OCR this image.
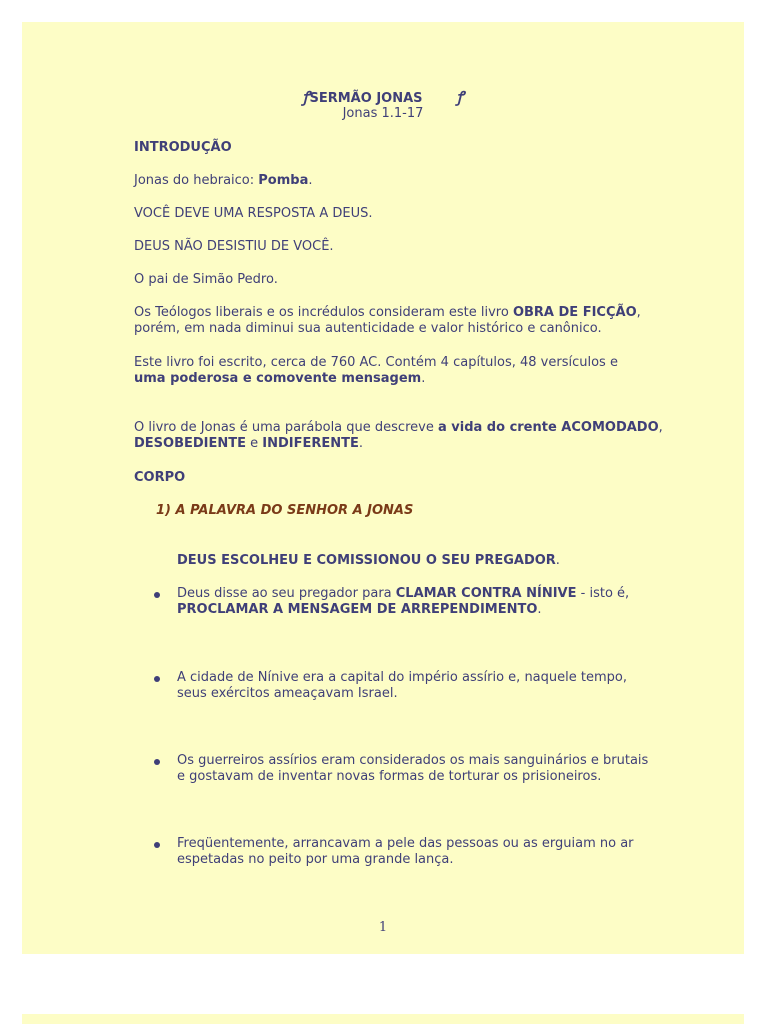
ꝭSERMÃO JONAS ꝭ
Jonas 1.1-17
INTRODUÇÃO
Jonas do hebraico: Pomba.
VOCÊ DEVE UMA RESPOSTA A DEUS.
DEUS NÃO DESISTIU DE VOCÊ.
O pai de Simão Pedro.
Os Teólogos liberais e os incrédulos consideram este livro OBRA DE FICÇÃO,
porém, em nada diminui sua autenticidade e valor histórico e canônico.
Este livro foi escrito, cerca de 760 AC. Contém 4 capítulos, 48 versículos e
uma poderosa e comovente mensagem.
O livro de Jonas é uma parábola que descreve a vida do crente ACOMODADO,
DESOBEDIENTE e INDIFERENTE.
CORPO
1) A PALAVRA DO SENHOR A JONAS
DEUS ESCOLHEU E COMISSIONOU O SEU PREGADOR.
Deus disse ao seu pregador para CLAMAR CONTRA NÍNIVE - isto é,
PROCLAMAR A MENSAGEM DE ARREPENDIMENTO.
A cidade de Nínive era a capital do império assírio e, naquele tempo,
seus exércitos ameaçavam Israel.
Os guerreiros assírios eram considerados os mais sanguinários e brutais
e gostavam de inventar novas formas de torturar os prisioneiros.
Freqüentemente, arrancavam a pele das pessoas ou as erguiam no ar
espetadas no peito por uma grande lança.
1
